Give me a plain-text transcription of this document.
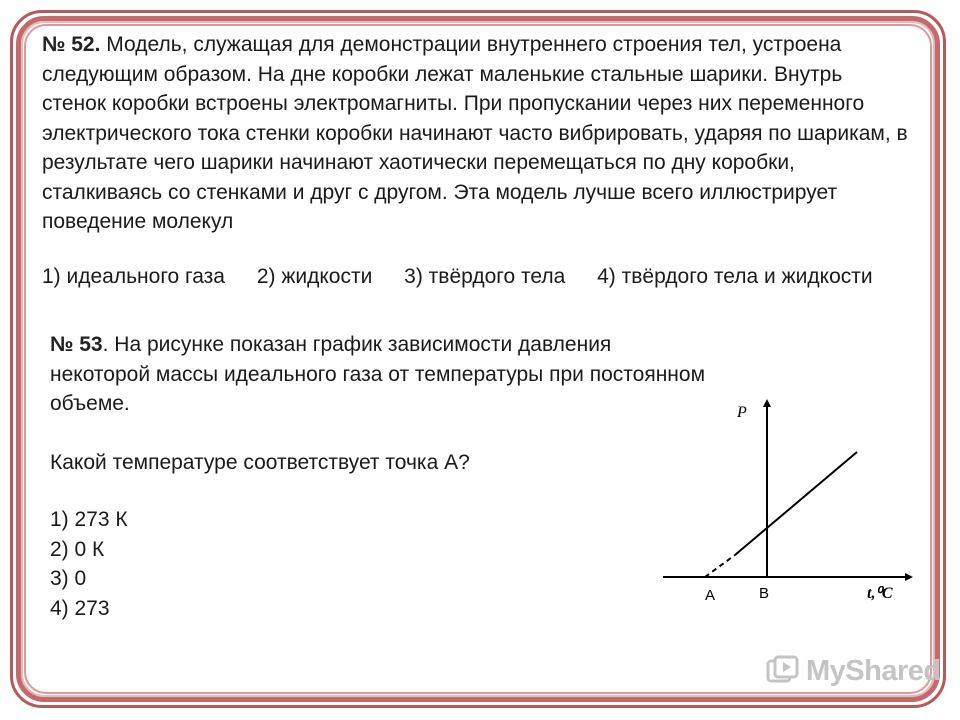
№ 52. Модель, служащая для демонстрации внутреннего строения тел, устроена следующим образом. На дне коробки лежат маленькие стальные шарики. Внутрь стенок коробки встроены электромагниты. При пропускании через них переменного электрического тока стенки коробки начинают часто вибрировать, ударяя по шарикам, в результате чего шарики начинают хаотически перемещаться по дну коробки, сталкиваясь со стенками и друг с другом. Эта модель лучше всего иллюстрирует поведение молекул

1) идеального газа 2) жидкости 3) твёрдого тела 4) твёрдого тела и жидкости

№ 53. На рисунке показан график зависимости давления некоторой массы идеального газа от температуры при постоянном объеме.

Какой температуре соответствует точка А?

1) 273 К
2) 0 К
3) 0
4) 273
P
t,⁰C
А	В
MyShared
